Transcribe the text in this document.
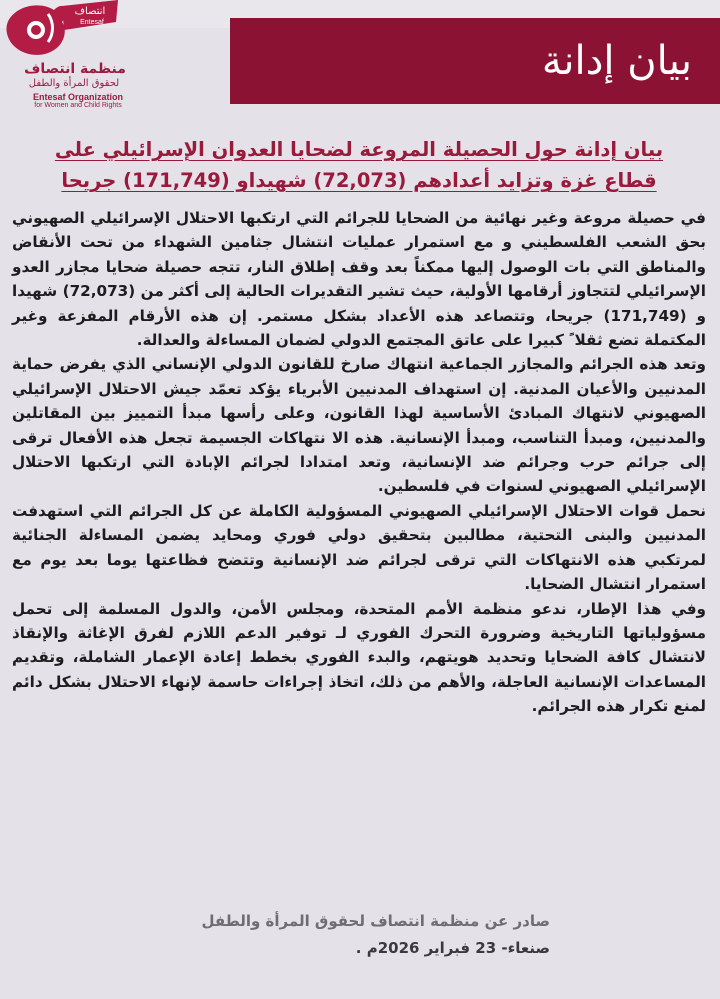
انتصاف
Entesaf
منظمة انتصاف
لحقوق المرأة والطفل
Entesaf Organization
for Women and Child Rights
بيان إدانة
بيان إدانة حول الحصيلة المروعة لضحايا العدوان الإسرائيلي على
قطاع غزة وتزايد أعدادهم (72,073) شهيداو (171,749) جريحا

في حصيلة مروعة وغير نهائية من الضحايا للجرائم التي ارتكبها الاحتلال الإسرائيلي الصهيوني بحق الشعب الفلسطيني و مع استمرار عمليات انتشال جثامين الشهداء من تحت الأنقاض والمناطق التي بات الوصول إليها ممكناً بعد وقف إطلاق النار، تتجه حصيلة ضحايا مجازر العدو الإسرائيلي لتتجاوز أرقامها الأولية، حيث تشير التقديرات الحالية إلى أكثر من (72,073) شهيدا و (171,749) جريحا، وتتصاعد هذه الأعداد بشكل مستمر. إن هذه الأرقام المفزعة وغير المكتملة تضع ثقلا ً كبيرا على عاتق المجتمع الدولي لضمان المساءلة والعدالة.

وتعد هذه الجرائم والمجازر الجماعية انتهاك صارخ للقانون الدولي الإنساني الذي يفرض حماية المدنيين والأعيان المدنية. إن استهداف المدنيين الأبرياء يؤكد تعمّد جيش الاحتلال الإسرائيلي الصهيوني لانتهاك المبادئ الأساسية لهذا القانون، وعلى رأسها مبدأ التمييز بين المقاتلين والمدنيين، ومبدأ التناسب، ومبدأ الإنسانية. هذه الا نتهاكات الجسيمة تجعل هذه الأفعال ترقى إلى جرائم حرب وجرائم ضد الإنسانية، وتعد امتدادا لجرائم الإبادة التي ارتكبها الاحتلال الإسرائيلي الصهيوني لسنوات في فلسطين.

نحمل قوات الاحتلال الإسرائيلي الصهيوني المسؤولية الكاملة عن كل الجرائم التي استهدفت المدنيين والبنى التحتية، مطالبين بتحقيق دولي فوري ومحايد يضمن المساءلة الجنائية لمرتكبي هذه الانتهاكات التي ترقى لجرائم ضد الإنسانية وتتضح فظاعتها يوما بعد يوم مع استمرار انتشال الضحايا.

وفي هذا الإطار، ندعو منظمة الأمم المتحدة، ومجلس الأمن، والدول المسلمة إلى تحمل مسؤولياتها التاريخية وضرورة التحرك الفوري لـ توفير الدعم اللازم لفرق الإغاثة والإنقاذ لانتشال كافة الضحايا وتحديد هويتهم، والبدء الفوري بخطط إعادة الإعمار الشاملة، وتقديم المساعدات الإنسانية العاجلة، والأهم من ذلك، اتخاذ إجراءات حاسمة لإنهاء الاحتلال بشكل دائم لمنع تكرار هذه الجرائم.

صادر عن منظمة انتصاف لحقوق المرأة والطفل
صنعاء- 23 فبراير 2026م .
